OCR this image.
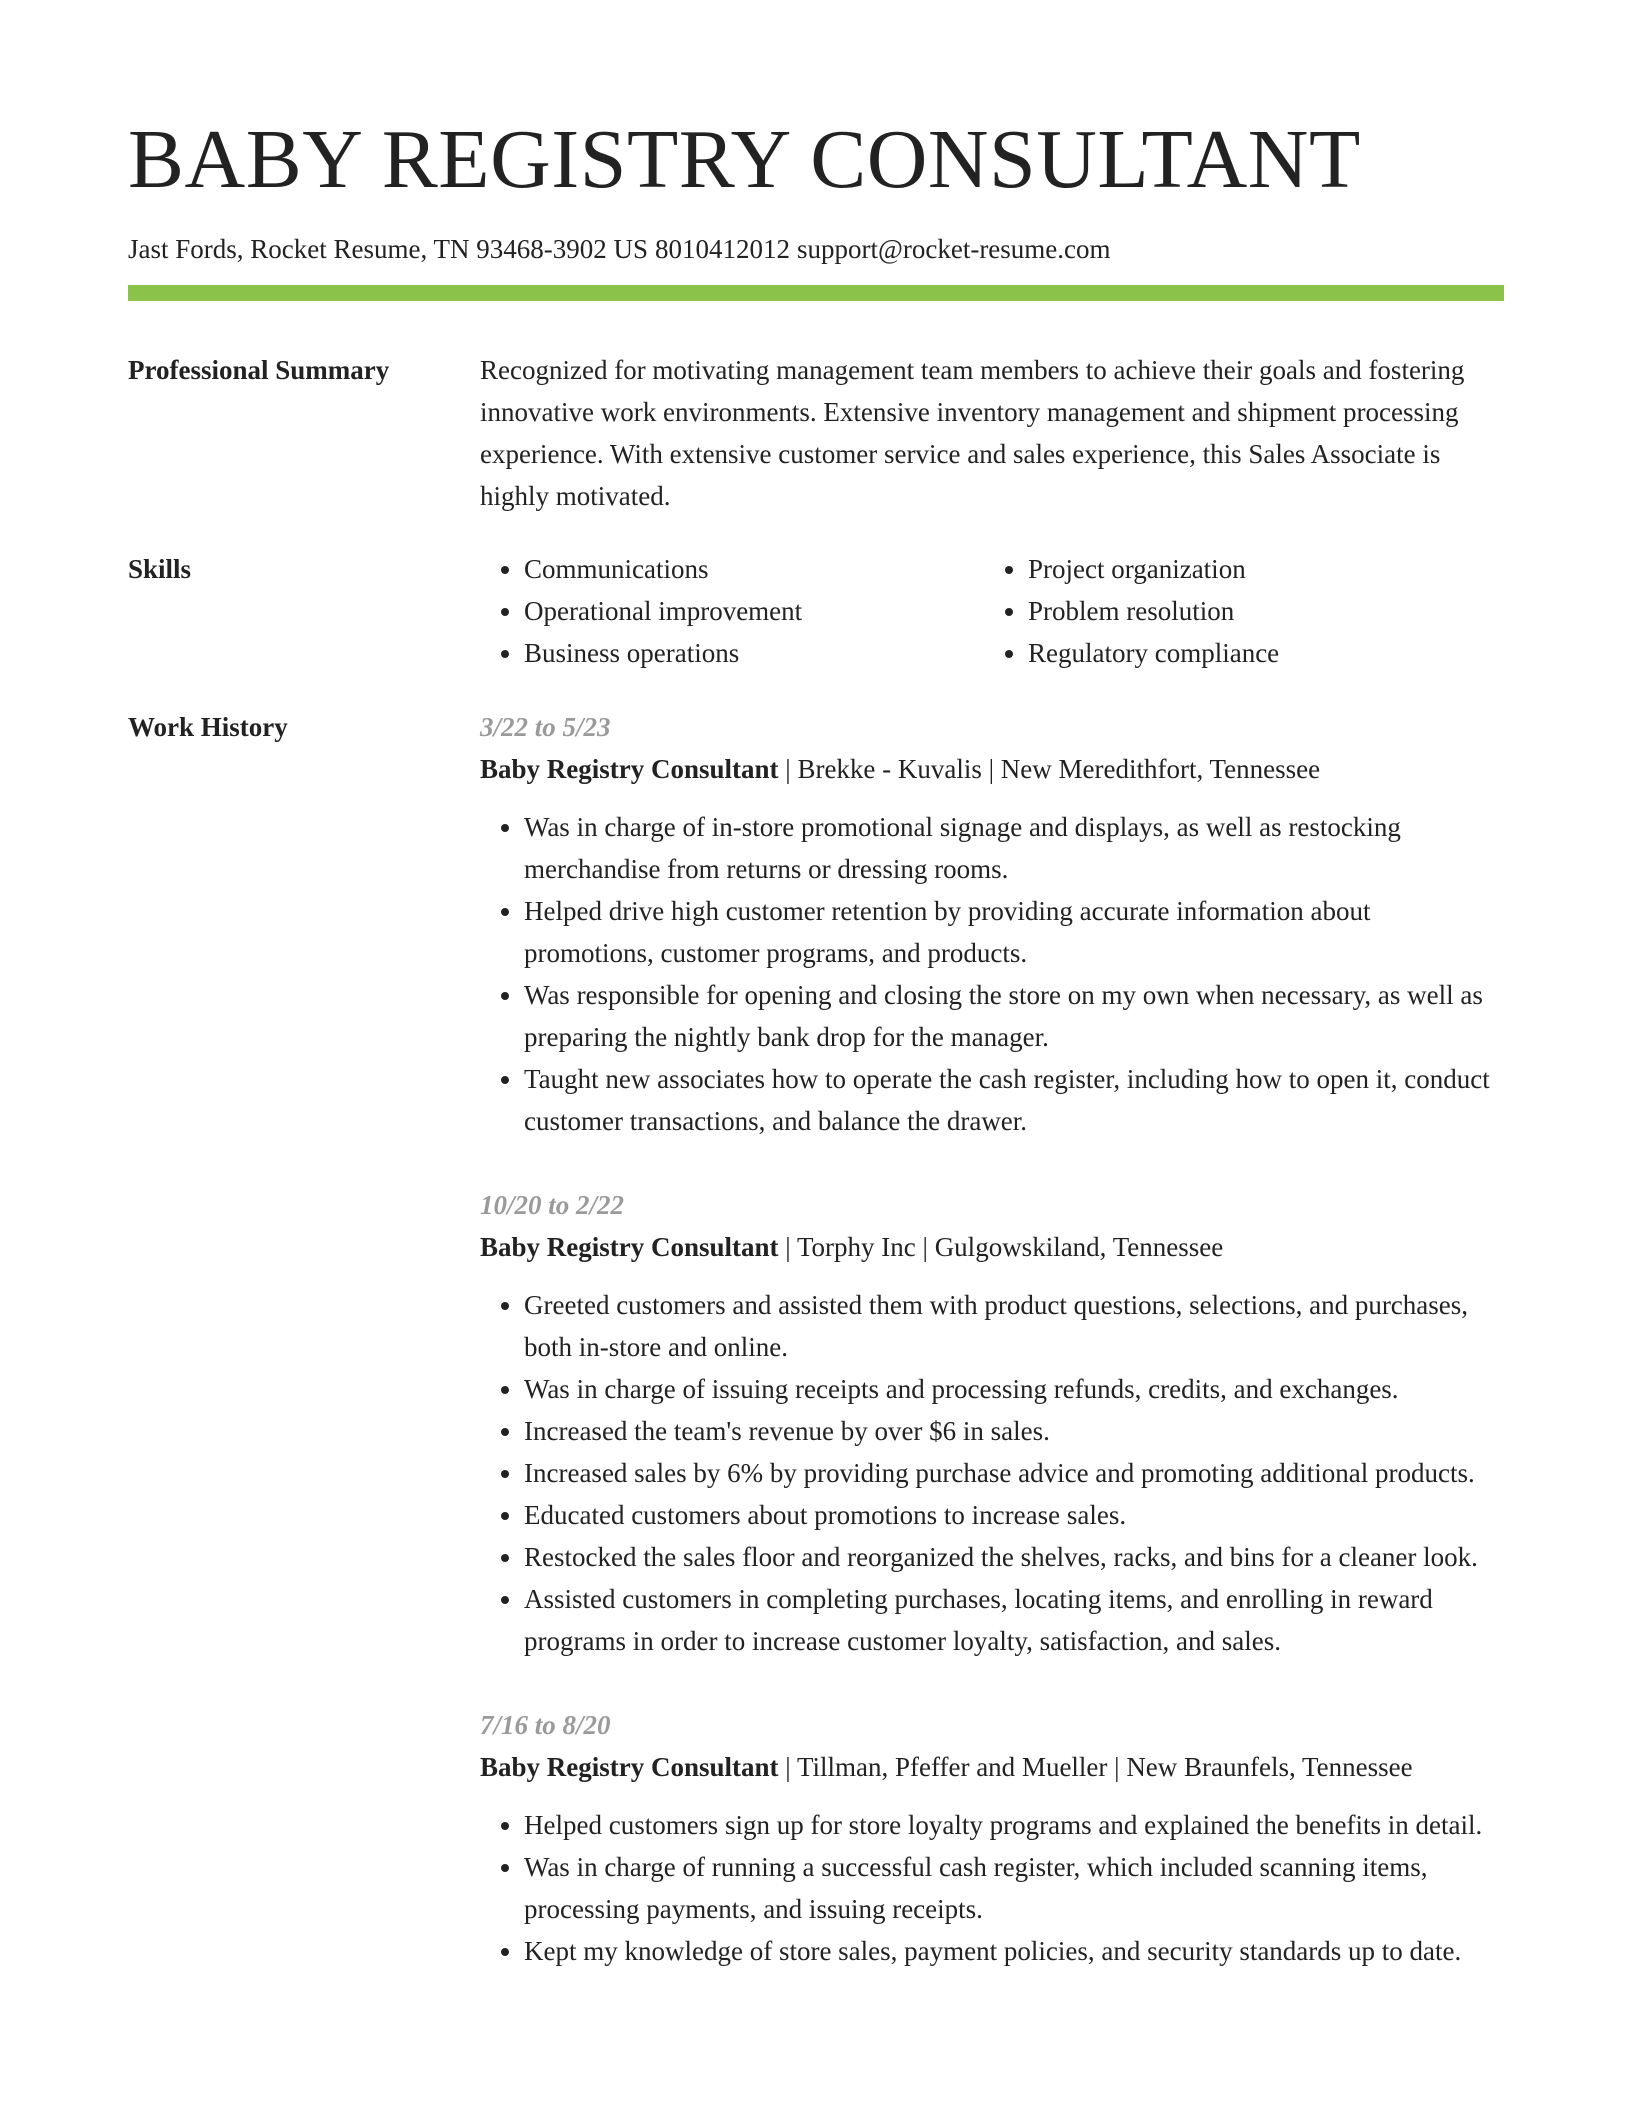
BABY REGISTRY CONSULTANT
Jast Fords, Rocket Resume, TN 93468-3902 US 8010412012 support@rocket-resume.com
Professional Summary	Recognized for motivating management team members to achieve their goals and fostering innovative work environments. Extensive inventory management and shipment processing experience. With extensive customer service and sales experience, this Sales Associate is highly motivated.

Skills
•	Communications
• Operational improvement
• Business operations
• Project organization
• Problem resolution
• Regulatory compliance
Work History	3/22 to 5/23
Baby Registry Consultant | Brekke - Kuvalis | New Meredithfort, Tennessee
• Was in charge of in-store promotional signage and displays, as well as restocking merchandise from returns or dressing rooms.
• Helped drive high customer retention by providing accurate information about promotions, customer programs, and products.
• Was responsible for opening and closing the store on my own when necessary, as well as preparing the nightly bank drop for the manager.
• Taught new associates how to operate the cash register, including how to open it, conduct customer transactions, and balance the drawer.
10/20 to 2/22
Baby Registry Consultant | Torphy Inc | Gulgowskiland, Tennessee
• Greeted customers and assisted them with product questions, selections, and purchases, both in-store and online.
• Was in charge of issuing receipts and processing refunds, credits, and exchanges.
• Increased the team's revenue by over $6 in sales.
• Increased sales by 6% by providing purchase advice and promoting additional products.
• Educated customers about promotions to increase sales.
• Restocked the sales floor and reorganized the shelves, racks, and bins for a cleaner look.
• Assisted customers in completing purchases, locating items, and enrolling in reward programs in order to increase customer loyalty, satisfaction, and sales.
7/16 to 8/20
Baby Registry Consultant | Tillman, Pfeffer and Mueller | New Braunfels, Tennessee
• Helped customers sign up for store loyalty programs and explained the benefits in detail.
• Was in charge of running a successful cash register, which included scanning items, processing payments, and issuing receipts.
• Kept my knowledge of store sales, payment policies, and security standards up to date.
